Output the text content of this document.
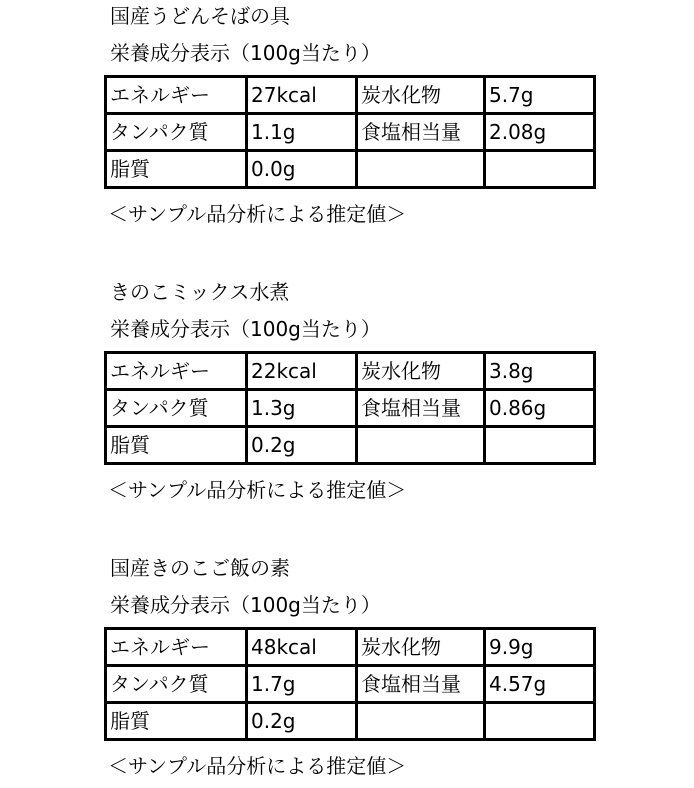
国産うどんそばの具
栄養成分表示（100g当たり）
エネルギー	27kcal	炭水化物	5.7g
タンパク質	1.1g	食塩相当量	2.08g
脂質	0.0g		
＜サンプル品分析による推定値＞
きのこミックス水煮
栄養成分表示（100g当たり）
エネルギー	22kcal	炭水化物	3.8g
タンパク質	1.3g	食塩相当量	0.86g
脂質	0.2g		
＜サンプル品分析による推定値＞
国産きのこご飯の素
栄養成分表示（100g当たり）
エネルギー	48kcal	炭水化物	9.9g
タンパク質	1.7g	食塩相当量	4.57g
脂質	0.2g		
＜サンプル品分析による推定値＞
